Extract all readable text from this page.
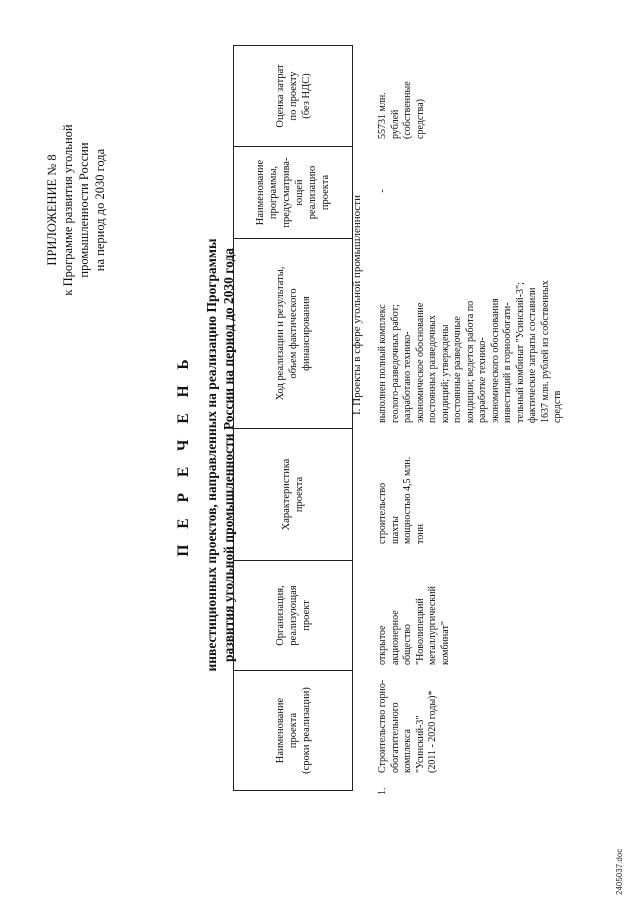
ПРИЛОЖЕНИЕ № 8 к Программе развития угольной промышленности России на период до 2030 года
П Е Р Е Ч Е Н Ь инвестиционных проектов, направленных на реализацию Программы развития угольной промышленности России на период до 2030 года
Наименование проекта (сроки реализации)
Организация, реализующая проект
Характеристика проекта
Ход реализации и результаты, объем фактического финансирования
Наименование программы, предусматрива- ющей реализацию проекта
Оценка затрат по проекту (без НДС)
I. Проекты в сфере угольной промышленности
1.
Строительство горно- обогатительного комплекса "Усинский-3" (2011 - 2020 годы)*
открытое акционерное общество "Новолипецкий металлургический комбинат"
строительство шахты мощностью 4,5 млн. тонн
выполнен полный комплекс геолого-разведочных работ; разработано технико- экономическое обоснование постоянных разведочных кондиций; утверждены постоянные разведочные кондиции; ведется работа по разработке технико- экономического обоснования инвестиций в горнообогати- тельный комбинат "Усинский-3"; фактические затраты составили 1637 млн. рублей из собственных средств
-
55731 млн. рублей (собственные средства)
2405037.doc
